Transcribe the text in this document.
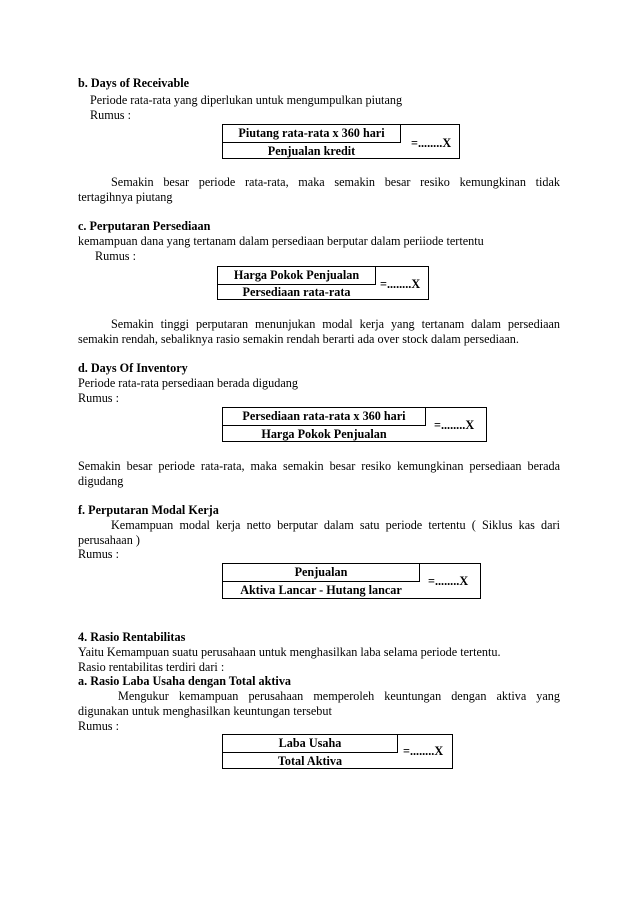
b. Days of Receivable
Periode rata-rata yang diperlukan untuk mengumpulkan piutang
Rumus :
Piutang rata-rata x 360 hari
Penjualan kredit
=........X
Semakin besar periode rata-rata, maka semakin besar resiko kemungkinan tidak
tertagihnya piutang
c. Perputaran Persediaan
kemampuan dana yang tertanam dalam persediaan berputar dalam periiode tertentu
Rumus :
Harga Pokok Penjualan
Persediaan rata-rata
=........X
Semakin tinggi perputaran menunjukan modal kerja yang tertanam dalam persediaan
semakin rendah, sebaliknya rasio semakin rendah berarti ada over stock dalam persediaan.
d. Days Of Inventory
Periode rata-rata persediaan berada digudang
Rumus :
Persediaan rata-rata x 360 hari
Harga Pokok Penjualan
=........X
Semakin besar periode rata-rata, maka semakin besar resiko kemungkinan persediaan berada
digudang
f. Perputaran Modal Kerja
Kemampuan modal kerja netto berputar dalam satu periode tertentu ( Siklus kas dari
perusahaan )
Rumus :
Penjualan
Aktiva Lancar - Hutang lancar
=........X
4. Rasio Rentabilitas
Yaitu Kemampuan suatu perusahaan untuk menghasilkan laba selama periode tertentu.
Rasio rentabilitas terdiri dari :
a. Rasio Laba Usaha dengan Total aktiva
Mengukur kemampuan perusahaan memperoleh keuntungan dengan aktiva yang
digunakan untuk menghasilkan keuntungan tersebut
Rumus :
Laba Usaha
Total Aktiva
=........X
